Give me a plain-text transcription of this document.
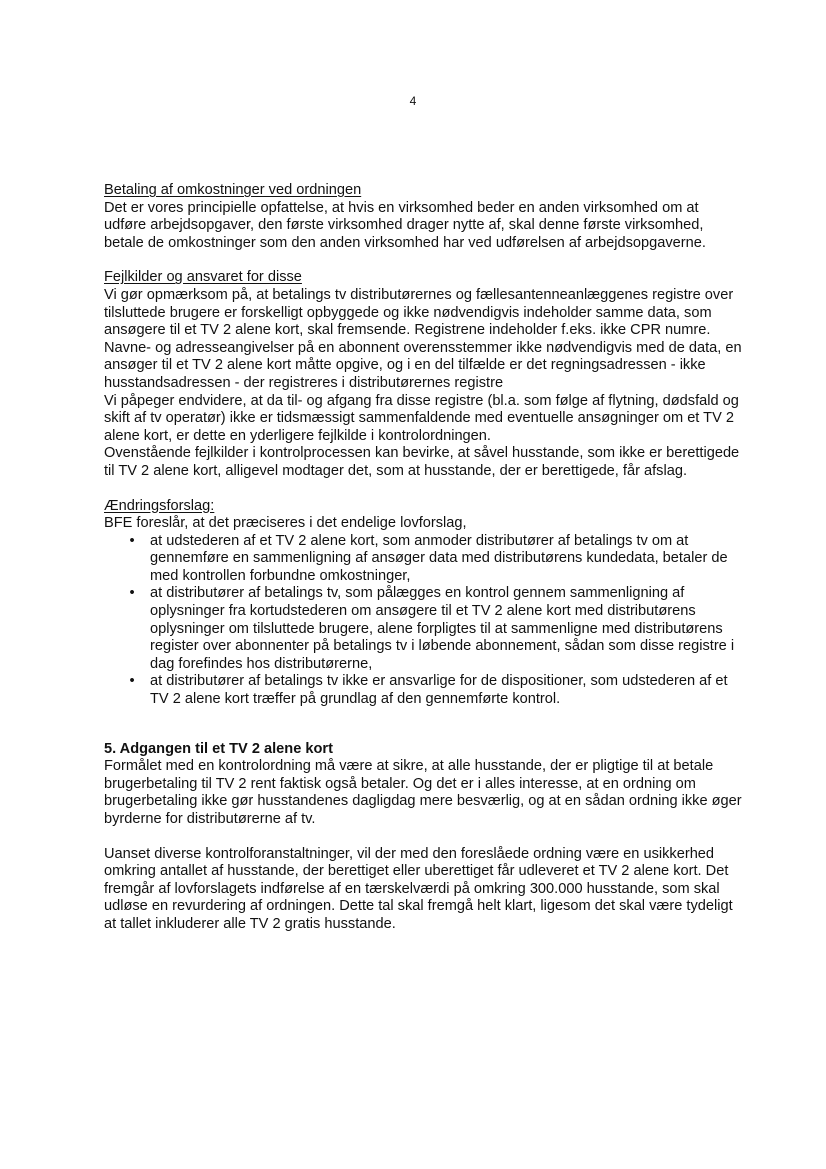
4
Betaling af omkostninger ved ordningen

Det er vores principielle opfattelse, at hvis en virksomhed beder en anden virksomhed om at udføre arbejdsopgaver, den første virksomhed drager nytte af, skal denne første virksomhed, betale de omkostninger som den anden virksomhed har ved udførelsen af arbejdsopgaverne.

Fejlkilder og ansvaret for disse

Vi gør opmærksom på, at betalings tv distributørernes og fællesantenneanlæggenes registre over tilsluttede brugere er forskelligt opbyggede og ikke nødvendigvis indeholder samme data, som ansøgere til et TV 2 alene kort, skal fremsende. Registrene indeholder f.eks. ikke CPR numre. Navne- og adresseangivelser på en abonnent overensstemmer ikke nødvendigvis med de data, en ansøger til et TV 2 alene kort måtte opgive, og i en del tilfælde er det regningsadressen - ikke husstandsadressen - der registreres i distributørernes registre

Vi påpeger endvidere, at da til- og afgang fra disse registre (bl.a. som følge af flytning, dødsfald og skift af tv operatør) ikke er tidsmæssigt sammenfaldende med eventuelle ansøgninger om et TV 2 alene kort, er dette en yderligere fejlkilde i kontrolordningen.

Ovenstående fejlkilder i kontrolprocessen kan bevirke, at såvel husstande, som ikke er berettigede til TV 2 alene kort, alligevel modtager det, som at husstande, der er berettigede, får afslag.

Ændringsforslag:

BFE foreslår, at det præciseres i det endelige lovforslag,

• at udstederen af et TV 2 alene kort, som anmoder distributører af betalings tv om at gennemføre en sammenligning af ansøger data med distributørens kundedata, betaler de med kontrollen forbundne omkostninger,
• at distributører af betalings tv, som pålægges en kontrol gennem sammenligning af oplysninger fra kortudstederen om ansøgere til et TV 2 alene kort med distributørens oplysninger om tilsluttede brugere, alene forpligtes til at sammenligne med distributørens register over abonnenter på betalings tv i løbende abonnement, sådan som disse registre i dag forefindes hos distributørerne,
• at distributører af betalings tv ikke er ansvarlige for de dispositioner, som udstederen af et TV 2 alene kort træffer på grundlag af den gennemførte kontrol.
5. Adgangen til et TV 2 alene kort

Formålet med en kontrolordning må være at sikre, at alle husstande, der er pligtige til at betale brugerbetaling til TV 2 rent faktisk også betaler. Og det er i alles interesse, at en ordning om brugerbetaling ikke gør husstandenes dagligdag mere besværlig, og at en sådan ordning ikke øger byrderne for distributørerne af tv.

Uanset diverse kontrolforanstaltninger, vil der med den foreslåede ordning være en usikkerhed omkring antallet af husstande, der berettiget eller uberettiget får udleveret et TV 2 alene kort. Det fremgår af lovforslagets indførelse af en tærskelværdi på omkring 300.000 husstande, som skal udløse en revurdering af ordningen. Dette tal skal fremgå helt klart, ligesom det skal være tydeligt at tallet inkluderer alle TV 2 gratis husstande.
